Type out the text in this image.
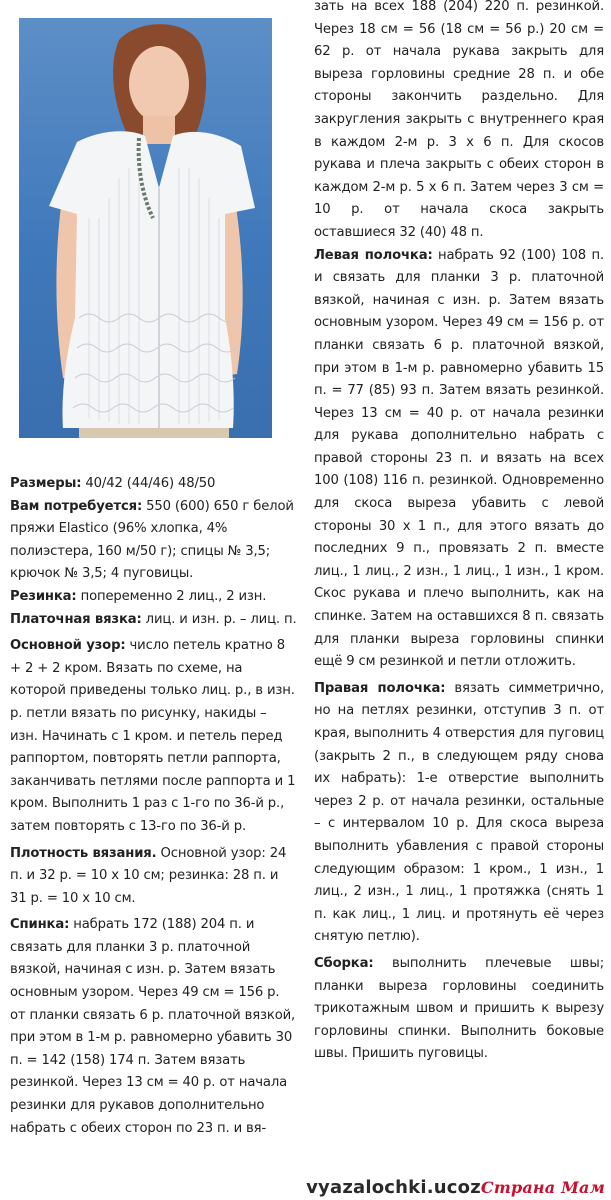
Размеры: 40/42 (44/46) 48/50

Вам потребуется: 550 (600) 650 г белой пряжи Elastico (96% хлопка, 4% полиэстера, 160 м/50 г); спицы № 3,5; крючок № 3,5; 4 пуговицы.

Резинка: попеременно 2 лиц., 2 изн.

Платочная вязка: лиц. и изн. р. – лиц. п.

Основной узор: число петель кратно 8 + 2 + 2 кром. Вязать по схеме, на которой приведены только лиц. р., в изн. р. петли вязать по рисунку, накиды – изн. Начинать с 1 кром. и петель перед раппортом, повторять петли раппорта, заканчивать петлями после раппорта и 1 кром. Выполнить 1 раз с 1-го по 36-й р., затем повторять с 13-го по 36-й р.

Плотность вязания. Основной узор: 24 п. и 32 р. = 10 х 10 см; резинка: 28 п. и 31 р. = 10 х 10 см.

Спинка: набрать 172 (188) 204 п. и связать для планки 3 р. платочной вязкой, начиная с изн. р. Затем вязать основным узором. Через 49 см = 156 р. от планки связать 6 р. платочной вязкой, при этом в 1-м р. равномерно убавить 30 п. = 142 (158) 174 п. Затем вязать резинкой. Через 13 см = 40 р. от начала резинки для рукавов дополнительно набрать с обеих сторон по 23 п. и вя-

зать на всех 188 (204) 220 п. резинкой. Через 18 см = 56 (18 см = 56 р.) 20 см = 62 р. от начала рукава закрыть для выреза горловины средние 28 п. и обе стороны закончить раздельно. Для закругления закрыть с внутреннего края в каждом 2-м р. 3 х 6 п. Для скосов рукава и плеча закрыть с обеих сторон в каждом 2-м р. 5 х 6 п. Затем через 3 см = 10 р. от начала скоса закрыть оставшиеся 32 (40) 48 п.

Левая полочка: набрать 92 (100) 108 п. и связать для планки 3 р. платочной вязкой, начиная с изн. р. Затем вязать основным узором. Через 49 см = 156 р. от планки связать 6 р. платочной вязкой, при этом в 1-м р. равномерно убавить 15 п. = 77 (85) 93 п. Затем вязать резинкой. Через 13 см = 40 р. от начала резинки для рукава дополнительно набрать с правой стороны 23 п. и вязать на всех 100 (108) 116 п. резинкой. Одновременно для скоса выреза убавить с левой стороны 30 х 1 п., для этого вязать до последних 9 п., провязать 2 п. вместе лиц., 1 лиц., 2 изн., 1 лиц., 1 изн., 1 кром. Скос рукава и плечо выполнить, как на спинке. Затем на оставшихся 8 п. связать для планки выреза горловины спинки ещё 9 см резинкой и петли отложить.

Правая полочка: вязать симметрично, но на петлях резинки, отступив 3 п. от края, выполнить 4 отверстия для пуговиц (закрыть 2 п., в следующем ряду снова их набрать): 1-е отверстие выполнить через 2 р. от начала резинки, остальные – с интервалом 10 р. Для скоса выреза выполнить убавления с правой стороны следующим образом: 1 кром., 1 изн., 1 лиц., 2 изн., 1 лиц., 1 протяжка (снять 1 п. как лиц., 1 лиц. и протянуть её через снятую петлю).

Сборка: выполнить плечевые швы; планки выреза горловины соединить трикотажным швом и пришить к вырезу горловины спинки. Выполнить боковые швы. Пришить пуговицы.

vyazalochki.ucozСтрана Мам
